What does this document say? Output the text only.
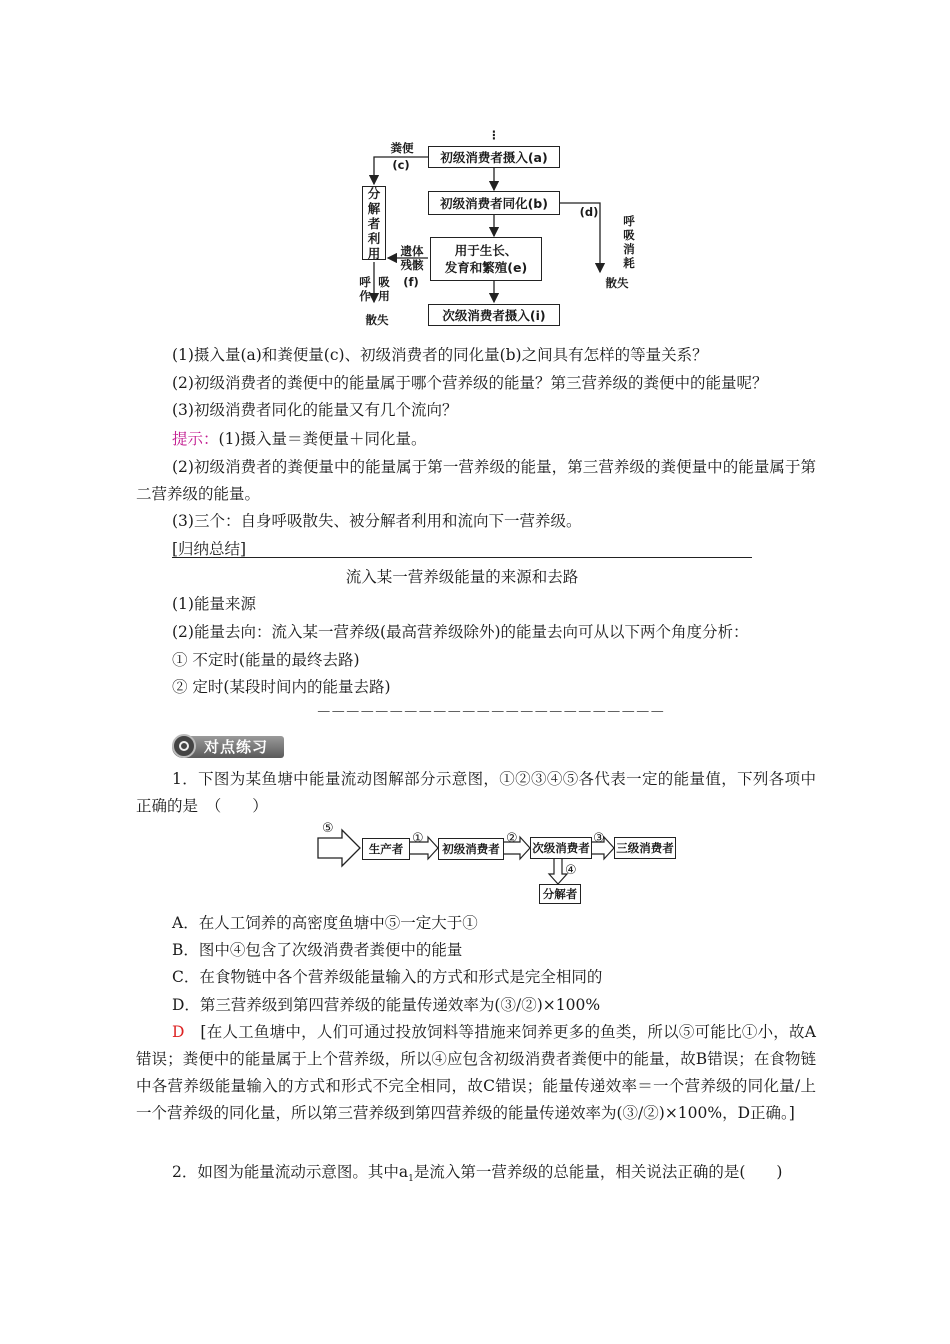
⋮
初级消费者摄入(a)
初级消费者同化(b)
用于生长、
发育和繁殖(e)
次级消费者摄入(i)
分解者利用
粪便
(c)
(d)
呼吸消耗
散失
遗体残骸
(f)
呼作
吸用
散失
(1)摄入量(a)和粪便量(c)、初级消费者的同化量(b)之间具有怎样的等量关系？
(2)初级消费者的粪便中的能量属于哪个营养级的能量？第三营养级的粪便中的能量呢？
(3)初级消费者同化的能量又有几个流向？
提示：(1)摄入量＝粪便量＋同化量。
(2)初级消费者的粪便量中的能量属于第一营养级的能量，第三营养级的粪便量中的能量属于第二营养级的能量。
(3)三个：自身呼吸散失、被分解者利用和流向下一营养级。
[归纳总结]
流入某一营养级能量的来源和去路
(1)能量来源
(2)能量去向：流入某一营养级(最高营养级除外)的能量去向可从以下两个角度分析：
① 不定时(能量的最终去路)
② 定时(某段时间内的能量去路)
－－－－－－－－－－－－－－－－－－－－－－－－
对点练习
1．下图为某鱼塘中能量流动图解部分示意图，①②③④⑤各代表一定的能量值，下列各项中正确的是　（　　）
⑤
①	②	③
④
生产者	初级消费者	次级消费者 三级消费者
分解者
A．在人工饲养的高密度鱼塘中⑤一定大于①
B．图中④包含了次级消费者粪便中的能量
C．在食物链中各个营养级能量输入的方式和形式是完全相同的
D．第三营养级到第四营养级的能量传递效率为(③/②)×100%
D　 [在人工鱼塘中，人们可通过投放饲料等措施来饲养更多的鱼类，所以⑤可能比①小，故A错误；粪便中的能量属于上个营养级，所以④应包含初级消费者粪便中的能量，故B错误；在食物链中各营养级能量输入的方式和形式不完全相同，故C错误；能量传递效率＝一个营养级的同化量/上一个营养级的同化量，所以第三营养级到第四营养级的能量传递效率为(③/②)×100%，D正确。]
2．如图为能量流动示意图。其中$a_1$是流入第一营养级的总能量，相关说法正确的是(　　)
